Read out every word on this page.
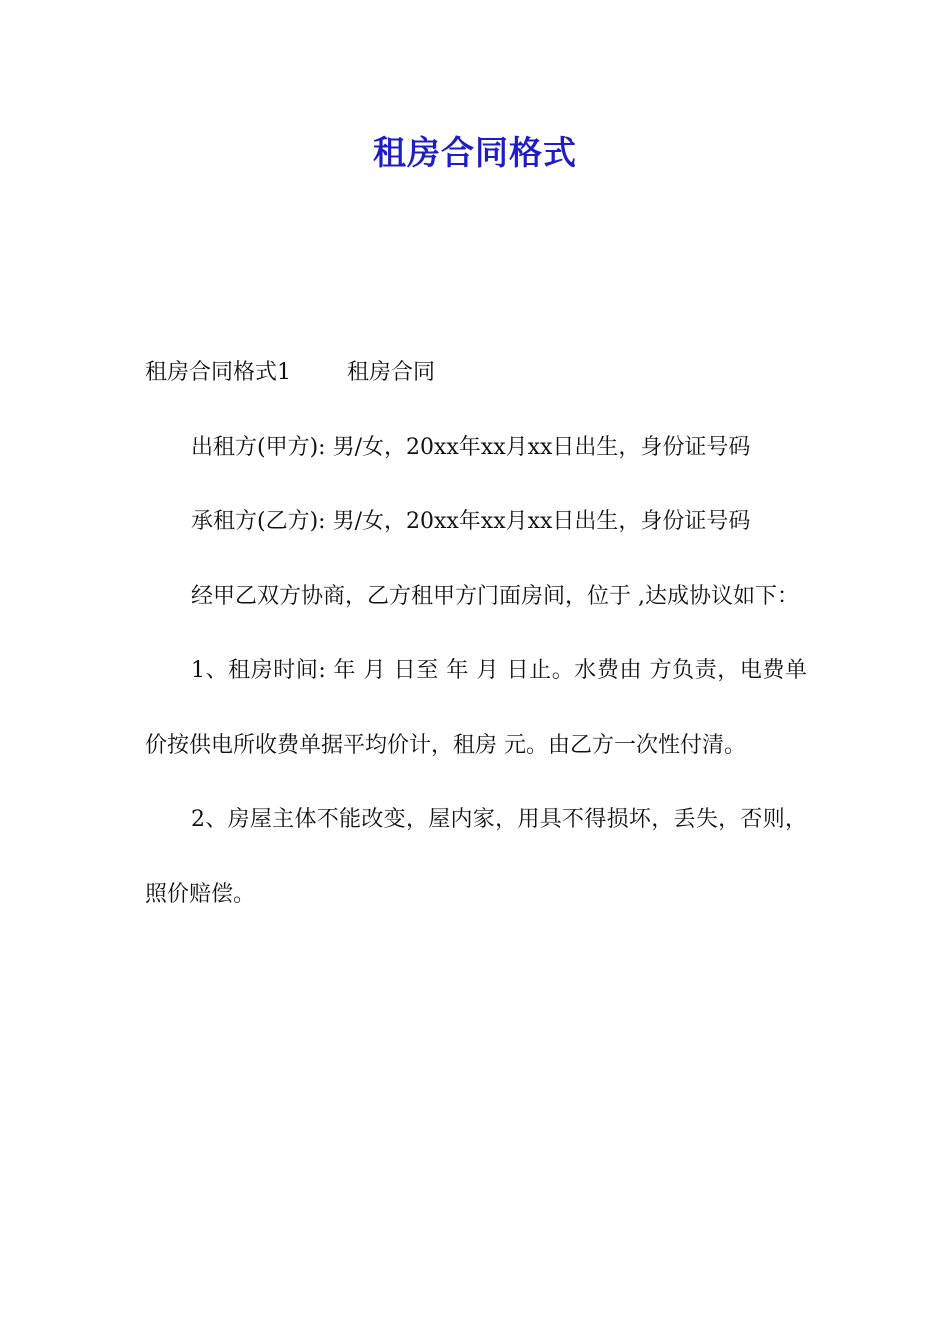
租房合同格式

租房合同格式1	租房合同

出租方(甲方): 男/女，20xx年xx月xx日出生，身份证号码

承租方(乙方): 男/女，20xx年xx月xx日出生，身份证号码

经甲乙双方协商，乙方租甲方门面房间，位于 ,达成协议如下：

1、租房时间: 年 月 日至 年 月 日止。水费由 方负责，电费单价按供电所收费单据平均价计，租房 元。由乙方一次性付清。

2、房屋主体不能改变，屋内家，用具不得损坏，丢失，否则，照价赔偿。
